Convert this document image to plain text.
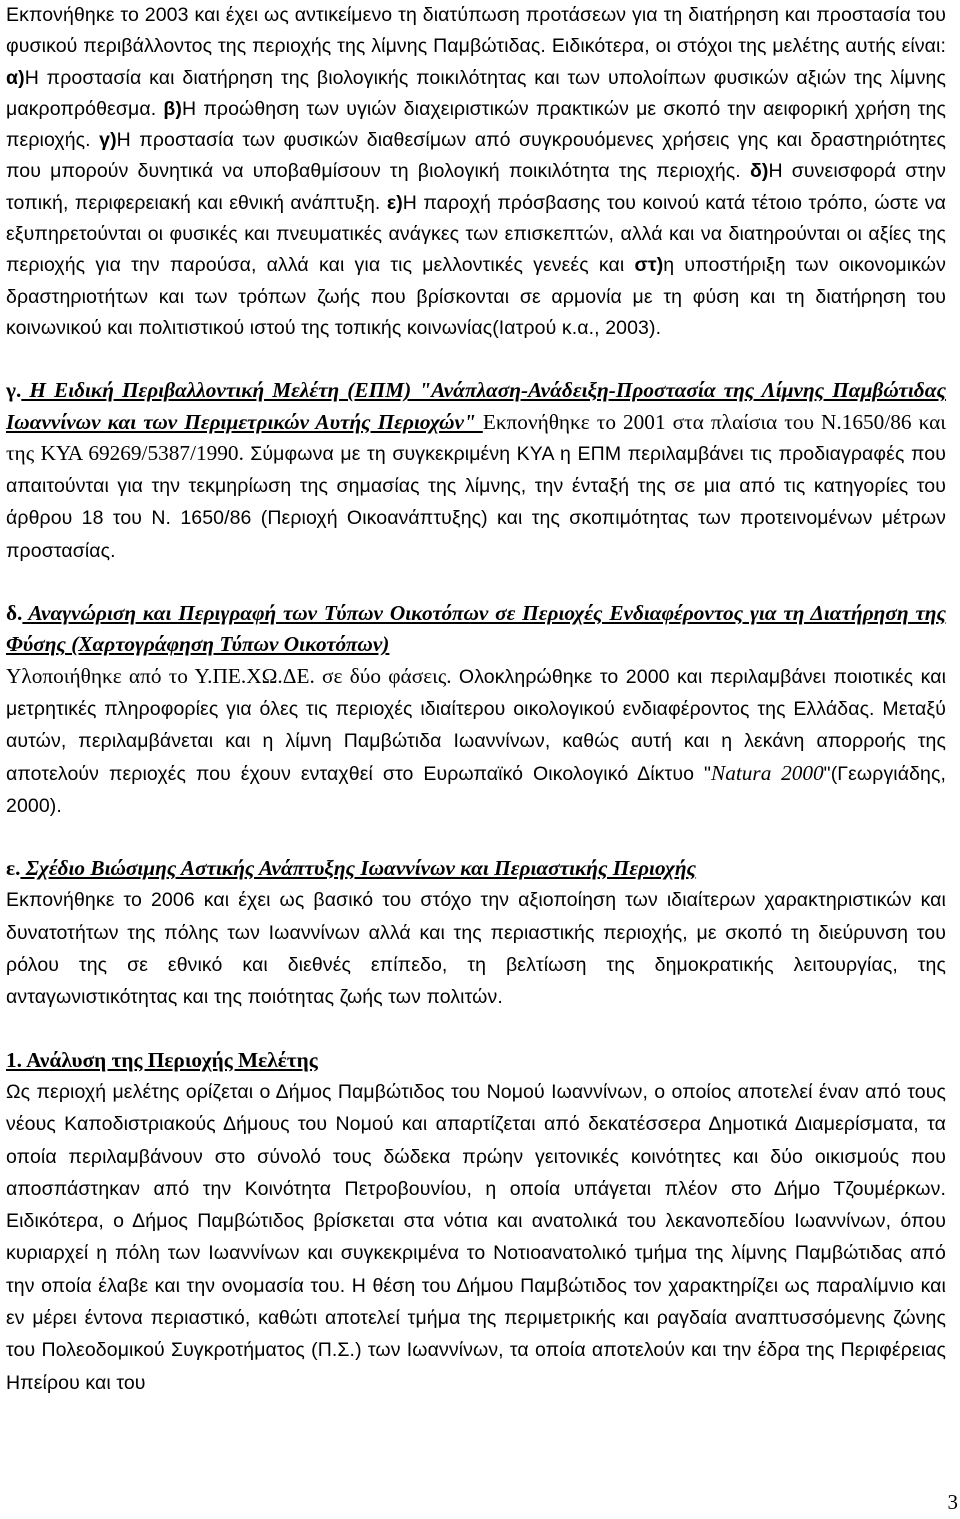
Εκπονήθηκε το 2003 και έχει ως αντικείμενο τη διατύπωση προτάσεων για τη διατήρηση και προστασία του φυσικού περιβάλλοντος της περιοχής της λίμνης Παμβώτιδας. Ειδικότερα, οι στόχοι της μελέτης αυτής είναι: α)Η προστασία και διατήρηση της βιολογικής ποικιλότητας και των υπολοίπων φυσικών αξιών της λίμνης μακροπρόθεσμα. β)Η προώθηση των υγιών διαχειριστικών πρακτικών με σκοπό την αειφορική χρήση της περιοχής. γ)Η προστασία των φυσικών διαθεσίμων από συγκρουόμενες χρήσεις γης και δραστηριότητες που μπορούν δυνητικά να υποβαθμίσουν τη βιολογική ποικιλότητα της περιοχής. δ)Η συνεισφορά στην τοπική, περιφερειακή και εθνική ανάπτυξη. ε)Η παροχή πρόσβασης του κοινού κατά τέτοιο τρόπο, ώστε να εξυπηρετούνται οι φυσικές και πνευματικές ανάγκες των επισκεπτών, αλλά και να διατηρούνται οι αξίες της περιοχής για την παρούσα, αλλά και για τις μελλοντικές γενεές και στ)η υποστήριξη των οικονομικών δραστηριοτήτων και των τρόπων ζωής που βρίσκονται σε αρμονία με τη φύση και τη διατήρηση του κοινωνικού και πολιτιστικού ιστού της τοπικής κοινωνίας(Ιατρού κ.α., 2003).

γ. Η Ειδική Περιβαλλοντική Μελέτη (ΕΠΜ) "Ανάπλαση-Ανάδειξη-Προστασία της Λίμνης Παμβώτιδας Ιωαννίνων και των Περιμετρικών Αυτής Περιοχών" Εκπονήθηκε το 2001 στα πλαίσια του Ν.1650/86 και της ΚΥΑ 69269/5387/1990. Σύμφωνα με τη συγκεκριμένη ΚΥΑ η ΕΠΜ περιλαμβάνει τις προδιαγραφές που απαιτούνται για την τεκμηρίωση της σημασίας της λίμνης, την ένταξή της σε μια από τις κατηγορίες του άρθρου 18 του Ν. 1650/86 (Περιοχή Οικοανάπτυξης) και της σκοπιμότητας των προτεινομένων μέτρων προστασίας.

δ. Αναγνώριση και Περιγραφή των Τύπων Οικοτόπων σε Περιοχές Ενδιαφέροντος για τη Διατήρηση της Φύσης (Χαρτογράφηση Τύπων Οικοτόπων)
Υλοποιήθηκε από το Υ.ΠΕ.ΧΩ.ΔΕ. σε δύο φάσεις. Ολοκληρώθηκε το 2000 και περιλαμβάνει ποιοτικές και μετρητικές πληροφορίες για όλες τις περιοχές ιδιαίτερου οικολογικού ενδιαφέροντος της Ελλάδας. Μεταξύ αυτών, περιλαμβάνεται και η λίμνη Παμβώτιδα Ιωαννίνων, καθώς αυτή και η λεκάνη απορροής της αποτελούν περιοχές που έχουν ενταχθεί στο Ευρωπαϊκό Οικολογικό Δίκτυο "Natura 2000"(Γεωργιάδης, 2000).

ε. Σχέδιο Βιώσιμης Αστικής Ανάπτυξης Ιωαννίνων και Περιαστικής Περιοχής
Εκπονήθηκε το 2006 και έχει ως βασικό του στόχο την αξιοποίηση των ιδιαίτερων χαρακτηριστικών και δυνατοτήτων της πόλης των Ιωαννίνων αλλά και της περιαστικής περιοχής, με σκοπό τη διεύρυνση του ρόλου της σε εθνικό και διεθνές επίπεδο, τη βελτίωση της δημοκρατικής λειτουργίας, της ανταγωνιστικότητας και της ποιότητας ζωής των πολιτών.

1. Ανάλυση της Περιοχής Μελέτης
Ως περιοχή μελέτης ορίζεται ο Δήμος Παμβώτιδος του Νομού Ιωαννίνων, ο οποίος αποτελεί έναν από τους νέους Καποδιστριακούς Δήμους του Νομού και απαρτίζεται από δεκατέσσερα Δημοτικά Διαμερίσματα, τα οποία περιλαμβάνουν στο σύνολό τους δώδεκα πρώην γειτονικές κοινότητες και δύο οικισμούς που αποσπάστηκαν από την Κοινότητα Πετροβουνίου, η οποία υπάγεται πλέον στο Δήμο Τζουμέρκων. Ειδικότερα, ο Δήμος Παμβώτιδος βρίσκεται στα νότια και ανατολικά του λεκανοπεδίου Ιωαννίνων, όπου κυριαρχεί η πόλη των Ιωαννίνων και συγκεκριμένα το Νοτιοανατολικό τμήμα της λίμνης Παμβώτιδας από την οποία έλαβε και την ονομασία του. Η θέση του Δήμου Παμβώτιδος τον χαρακτηρίζει ως παραλίμνιο και εν μέρει έντονα περιαστικό, καθώτι αποτελεί τμήμα της περιμετρικής και ραγδαία αναπτυσσόμενης ζώνης του Πολεοδομικού Συγκροτήματος (Π.Σ.) των Ιωαννίνων, τα οποία αποτελούν και την έδρα της Περιφέρειας Ηπείρου και του

3
